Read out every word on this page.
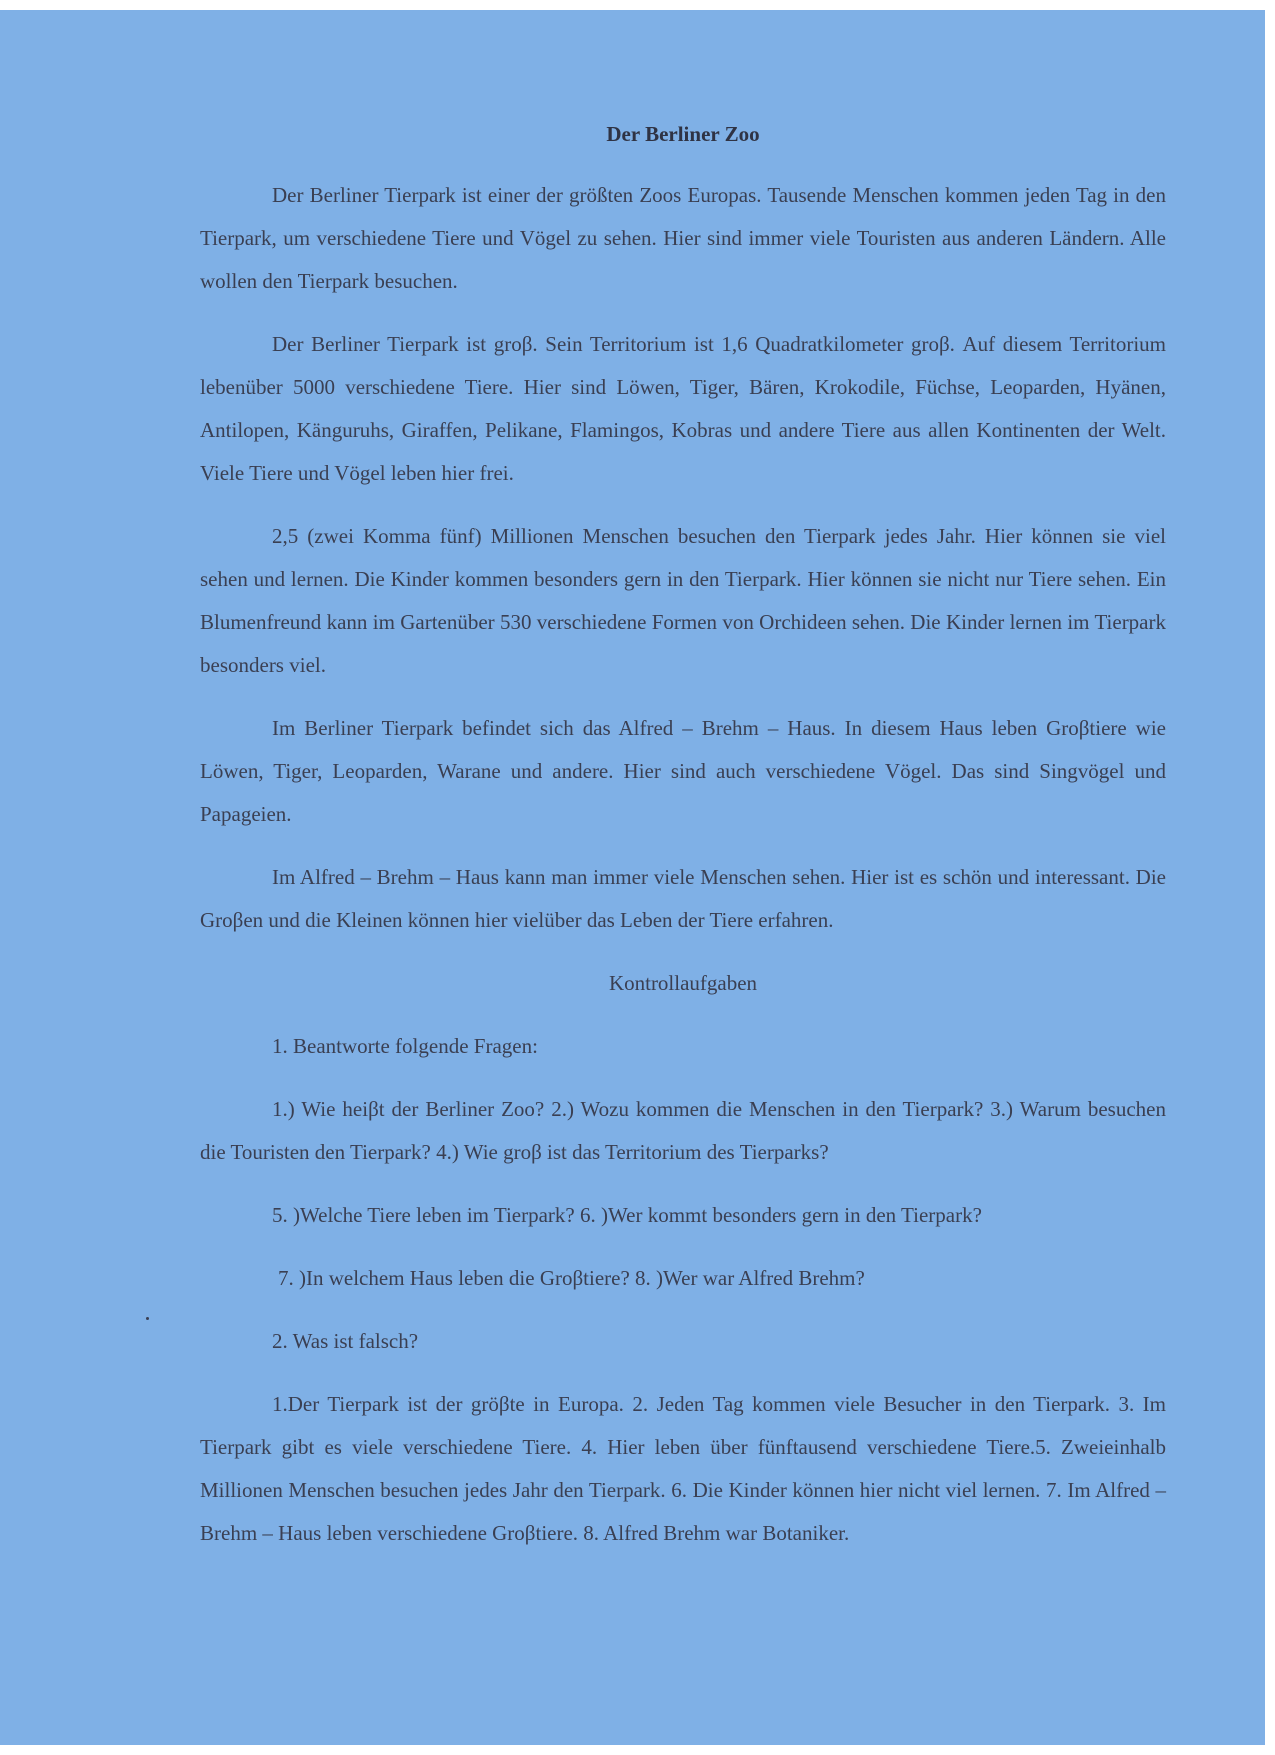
Der Berliner Zoo

Der Berliner Tierpark ist einer der größten Zoos Europas. Tausende Menschen kommen jeden Tag in den Tierpark, um verschiedene Tiere und Vögel zu sehen. Hier sind immer viele Touristen aus anderen Ländern. Alle wollen den Tierpark besuchen.

Der Berliner Tierpark ist groβ. Sein Territorium ist 1,6 Quadratkilometer groβ. Auf diesem Territorium lebenüber 5000 verschiedene Tiere. Hier sind Löwen, Tiger, Bären, Krokodile, Füchse, Leoparden, Hyänen, Antilopen, Känguruhs, Giraffen, Pelikane, Flamingos, Kobras und andere Tiere aus allen Kontinenten der Welt. Viele Tiere und Vögel leben hier frei.

2,5 (zwei Komma fünf) Millionen Menschen besuchen den Tierpark jedes Jahr. Hier können sie viel sehen und lernen. Die Kinder kommen besonders gern in den Tierpark. Hier können sie nicht nur Tiere sehen. Ein Blumenfreund kann im Gartenüber 530 verschiedene Formen von Orchideen sehen. Die Kinder lernen im Tierpark besonders viel.

Im Berliner Tierpark befindet sich das Alfred – Brehm – Haus. In diesem Haus leben Groβtiere wie Löwen, Tiger, Leoparden, Warane und andere. Hier sind auch verschiedene Vögel. Das sind Singvögel und Papageien.

Im Alfred – Brehm – Haus kann man immer viele Menschen sehen. Hier ist es schön und interessant. Die Groβen und die Kleinen können hier vielüber das Leben der Tiere erfahren.

Kontrollaufgaben
1. Beantworte folgende Fragen:

1.) Wie heiβt der Berliner Zoo? 2.) Wozu kommen die Menschen in den Tierpark? 3.) Warum besuchen die Touristen den Tierpark? 4.) Wie groβ ist das Territorium des Tierparks?

5. )Welche Tiere leben im Tierpark? 6. )Wer kommt besonders gern in den Tierpark?
7. )In welchem Haus leben die Groβtiere? 8. )Wer war Alfred Brehm?
2. Was ist falsch?

1.Der Tierpark ist der gröβte in Europa. 2. Jeden Tag kommen viele Besucher in den Tierpark. 3. Im Tierpark gibt es viele verschiedene Tiere. 4. Hier leben über fünftausend verschiedene Tiere.5. Zweieinhalb Millionen Menschen besuchen jedes Jahr den Tierpark. 6. Die Kinder können hier nicht viel lernen. 7. Im Alfred – Brehm – Haus leben verschiedene Groβtiere. 8. Alfred Brehm war Botaniker.
